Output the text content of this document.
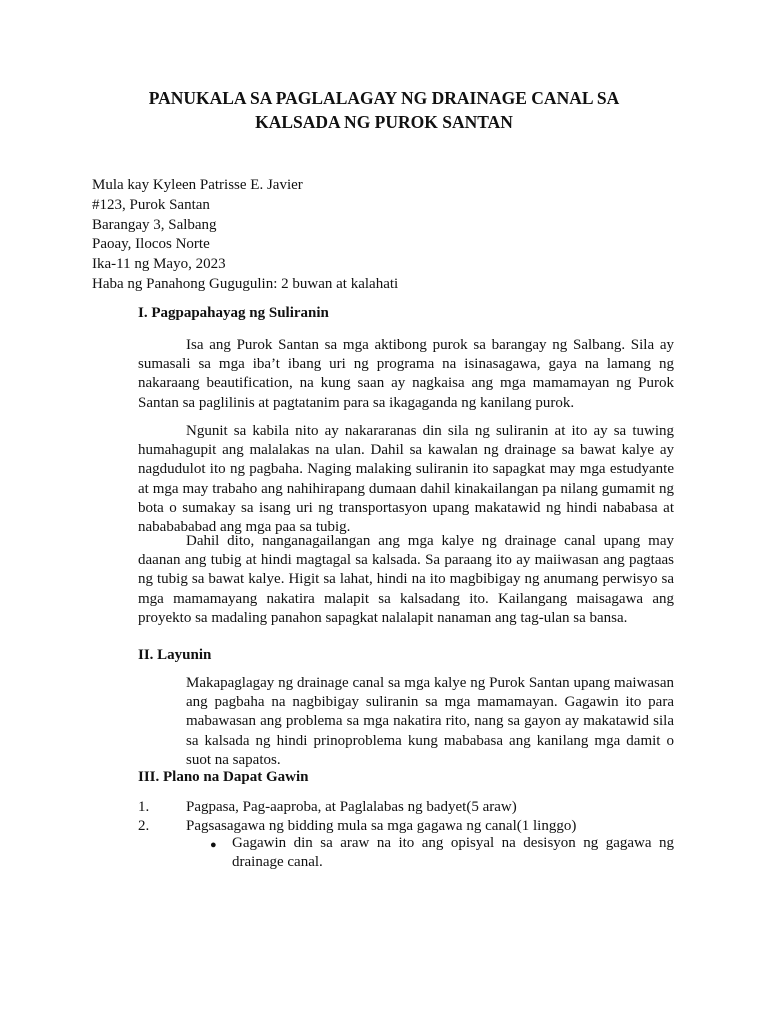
PANUKALA SA PAGLALAGAY NG DRAINAGE CANAL SA
KALSADA NG PUROK SANTAN
Mula kay Kyleen Patrisse E. Javier
#123, Purok Santan
Barangay 3, Salbang
Paoay, Ilocos Norte
Ika-11 ng Mayo, 2023
Haba ng Panahong Gugugulin: 2 buwan at kalahati
I. Pagpapahayag ng Suliranin

Isa ang Purok Santan sa mga aktibong purok sa barangay ng Salbang. Sila ay sumasali sa mga iba’t ibang uri ng programa na isinasagawa, gaya na lamang ng nakaraang beautification, na kung saan ay nagkaisa ang mga mamamayan ng Purok Santan sa paglilinis at pagtatanim para sa ikagaganda ng kanilang purok.

Ngunit sa kabila nito ay nakararanas din sila ng suliranin at ito ay sa tuwing humahagupit ang malalakas na ulan. Dahil sa kawalan ng drainage sa bawat kalye ay nagdudulot ito ng pagbaha. Naging malaking suliranin ito sapagkat may mga estudyante at mga may trabaho ang nahihirapang dumaan dahil kinakailangan pa nilang gumamit ng bota o sumakay sa isang uri ng transportasyon upang makatawid ng hindi nababasa at nababababad ang mga paa sa tubig.

Dahil dito, nanganagailangan ang mga kalye ng drainage canal upang may daanan ang tubig at hindi magtagal sa kalsada. Sa paraang ito ay maiiwasan ang pagtaas ng tubig sa bawat kalye. Higit sa lahat, hindi na ito magbibigay ng anumang perwisyo sa mga mamamayang nakatira malapit sa kalsadang ito. Kailangang maisagawa ang proyekto sa madaling panahon sapagkat nalalapit nanaman ang tag-ulan sa bansa.

II. Layunin

Makapaglagay ng drainage canal sa mga kalye ng Purok Santan upang maiwasan ang pagbaha na nagbibigay suliranin sa mga mamamayan. Gagawin ito para mabawasan ang problema sa mga nakatira rito, nang sa gayon ay makatawid sila sa kalsada ng hindi prinoproblema kung mababasa ang kanilang mga damit o suot na sapatos.

III. Plano na Dapat Gawin
1.	Pagpasa, Pag-aaproba, at Paglalabas ng badyet(5 araw)
2.	Pagsasagawa ng bidding mula sa mga gagawa ng canal(1 linggo)
●	Gagawin din sa araw na ito ang opisyal na desisyon ng gagawa ng drainage canal.
